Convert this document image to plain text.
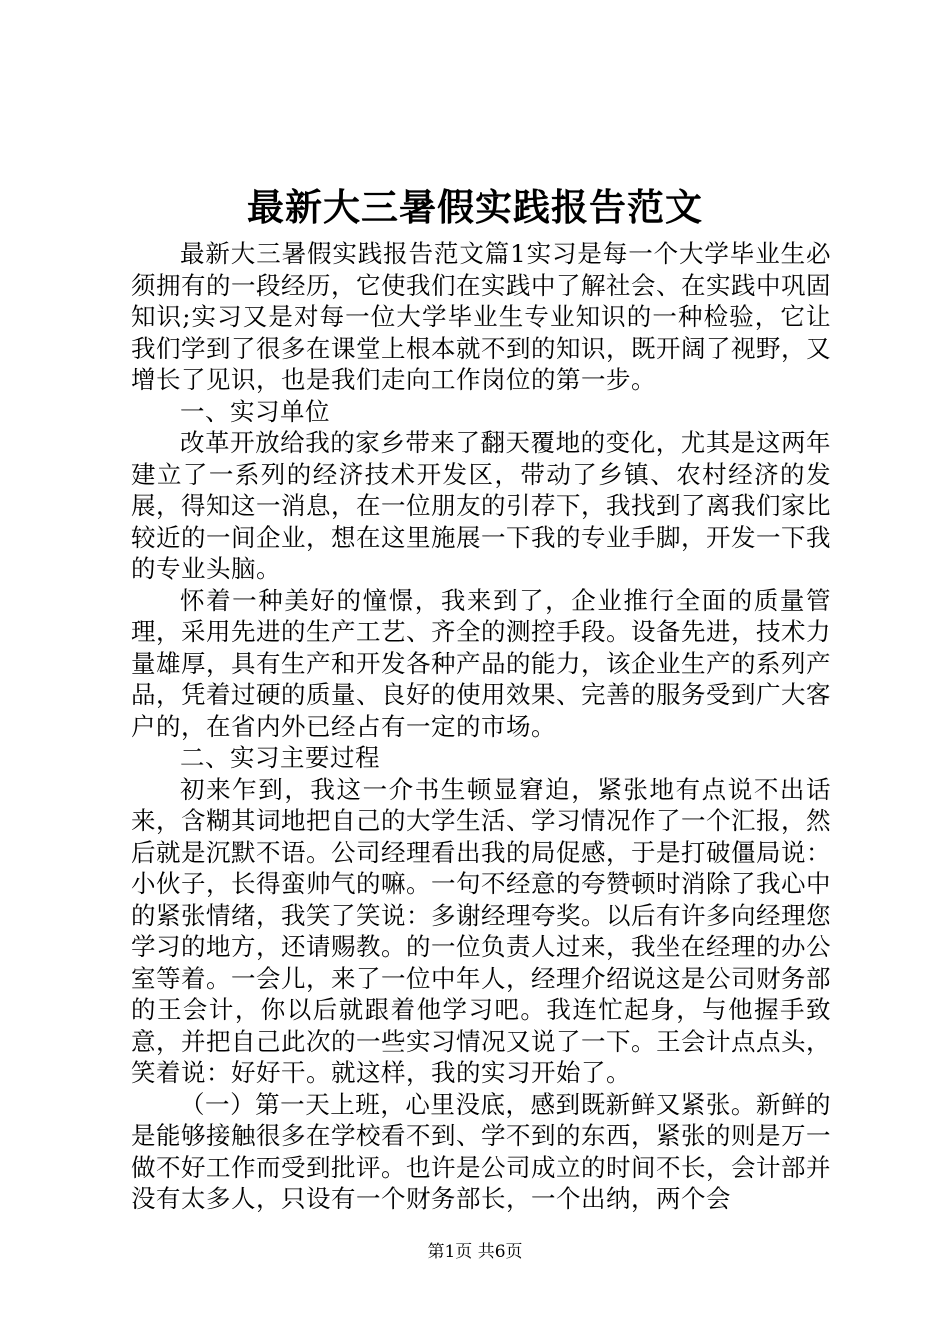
最新大三暑假实践报告范文

最新大三暑假实践报告范文篇1实习是每一个大学毕业生必须拥有的一段经历，它使我们在实践中了解社会、在实践中巩固知识;实习又是对每一位大学毕业生专业知识的一种检验，它让我们学到了很多在课堂上根本就不到的知识，既开阔了视野，又增长了见识，也是我们走向工作岗位的第一步。

一、实习单位

改革开放给我的家乡带来了翻天覆地的变化，尤其是这两年建立了一系列的经济技术开发区，带动了乡镇、农村经济的发展，得知这一消息，在一位朋友的引荐下，我找到了离我们家比较近的一间企业，想在这里施展一下我的专业手脚，开发一下我的专业头脑。

怀着一种美好的憧憬，我来到了，企业推行全面的质量管理，采用先进的生产工艺、齐全的测控手段。设备先进，技术力量雄厚，具有生产和开发各种产品的能力，该企业生产的系列产品，凭着过硬的质量、良好的使用效果、完善的服务受到广大客户的，在省内外已经占有一定的市场。

二、实习主要过程

初来乍到，我这一介书生顿显窘迫，紧张地有点说不出话来，含糊其词地把自己的大学生活、学习情况作了一个汇报，然后就是沉默不语。公司经理看出我的局促感，于是打破僵局说：小伙子，长得蛮帅气的嘛。一句不经意的夸赞顿时消除了我心中的紧张情绪，我笑了笑说：多谢经理夸奖。以后有许多向经理您学习的地方，还请赐教。的一位负责人过来，我坐在经理的办公室等着。一会儿，来了一位中年人，经理介绍说这是公司财务部的王会计，你以后就跟着他学习吧。我连忙起身，与他握手致意，并把自己此次的一些实习情况又说了一下。王会计点点头，笑着说：好好干。就这样，我的实习开始了。

（一）第一天上班，心里没底，感到既新鲜又紧张。新鲜的是能够接触很多在学校看不到、学不到的东西，紧张的则是万一做不好工作而受到批评。也许是公司成立的时间不长，会计部并没有太多人，只设有一个财务部长，一个出纳，两个会

第1页 共6页
